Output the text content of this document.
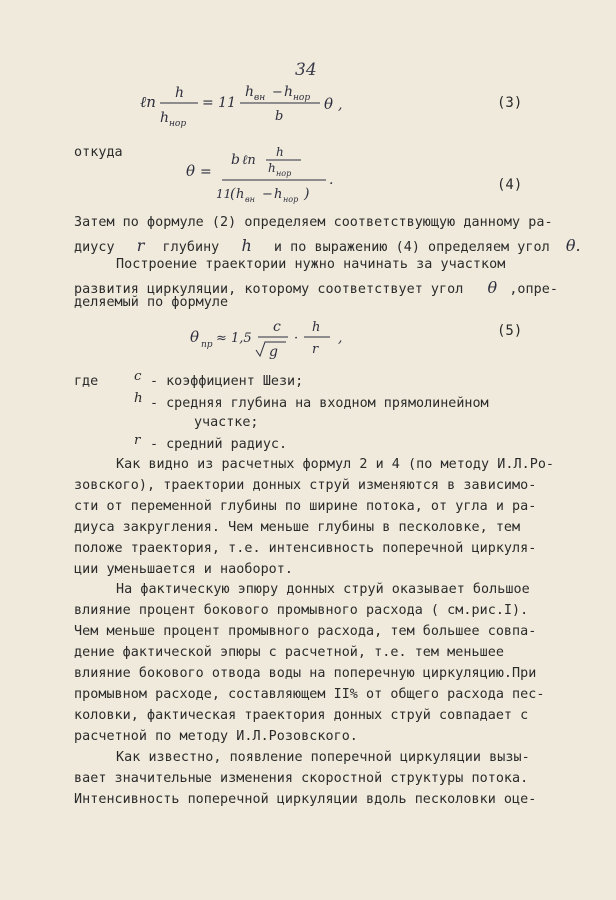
34
ℓn h
h нор
= 11
h вн − h нор
b
θ ,	(3)
откуда
θ =
b ℓn
h
h нор
11
( h вн − h нор )
.	(4)
Затем по формуле (2) определяем соответствующую данному ра-
диусу r глубину h и по выражению (4) определяем угол θ.
Построение траектории нужно начинать за участком
развития циркуляции, которому соответствует угол θ ,опре-
деляемый по формуле
θ пр ≈ 1,5
c
g
·
h
r
,	(5)
где	c - коэффициент Шези;
h - средняя глубина на входном прямолинейном
участке;
r - средний радиус.
Как видно из расчетных формул 2 и 4 (по методу И.Л.Ро-
зовского), траектории донных струй изменяются в зависимо-
сти от переменной глубины по ширине потока, от угла и ра-
диуса закругления. Чем меньше глубины в песколовке, тем
положе траектория, т.е. интенсивность поперечной циркуля-
ции уменьшается и наоборот.
На фактическую эпюру донных струй оказывает большое
влияние процент бокового промывного расхода ( см.рис.I).
Чем меньше процент промывного расхода, тем большее совпа-
дение фактической эпюры с расчетной, т.е. тем меньшее
влияние бокового отвода воды на поперечную циркуляцию.При
промывном расходе, составляющем II% от общего расхода пес-
коловки, фактическая траектория донных струй совпадает с
расчетной по методу И.Л.Розовского.
Как известно, появление поперечной циркуляции вызы-
вает значительные изменения скоростной структуры потока.
Интенсивность поперечной циркуляции вдоль песколовки оце-
